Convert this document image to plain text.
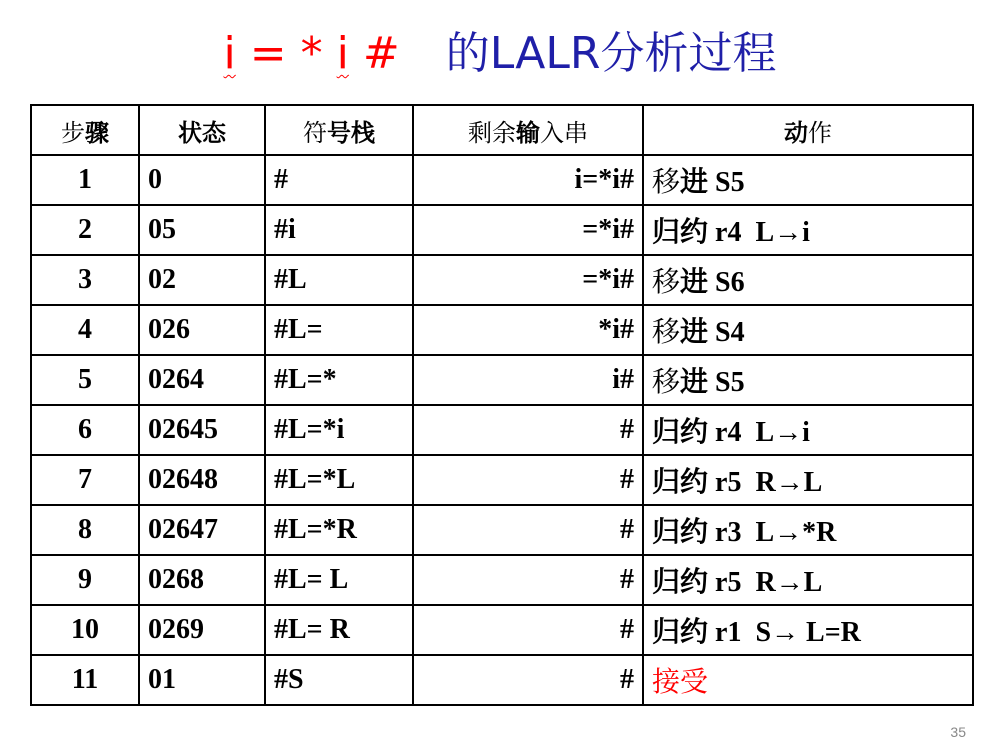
i = * i # 的LALR分析过程
步骤	状态	符号栈	剩余输入串	动作
1	0	#	i=*i#	移进 S5
2	05	#i	=*i#	归约 r4  L→i
3	02	#L	=*i#	移进 S6
4	026	#L=	*i#	移进 S4
5	0264	#L=*	i#	移进 S5
6	02645	#L=*i	#	归约 r4  L→i
7	02648	#L=*L	#	归约 r5  R→L
8	02647	#L=*R	#	归约 r3  L→*R
9	0268	#L= L	#	归约 r5  R→L
10	0269	#L= R	#	归约 r1  S→ L=R
11	01	#S	#	接受
35
